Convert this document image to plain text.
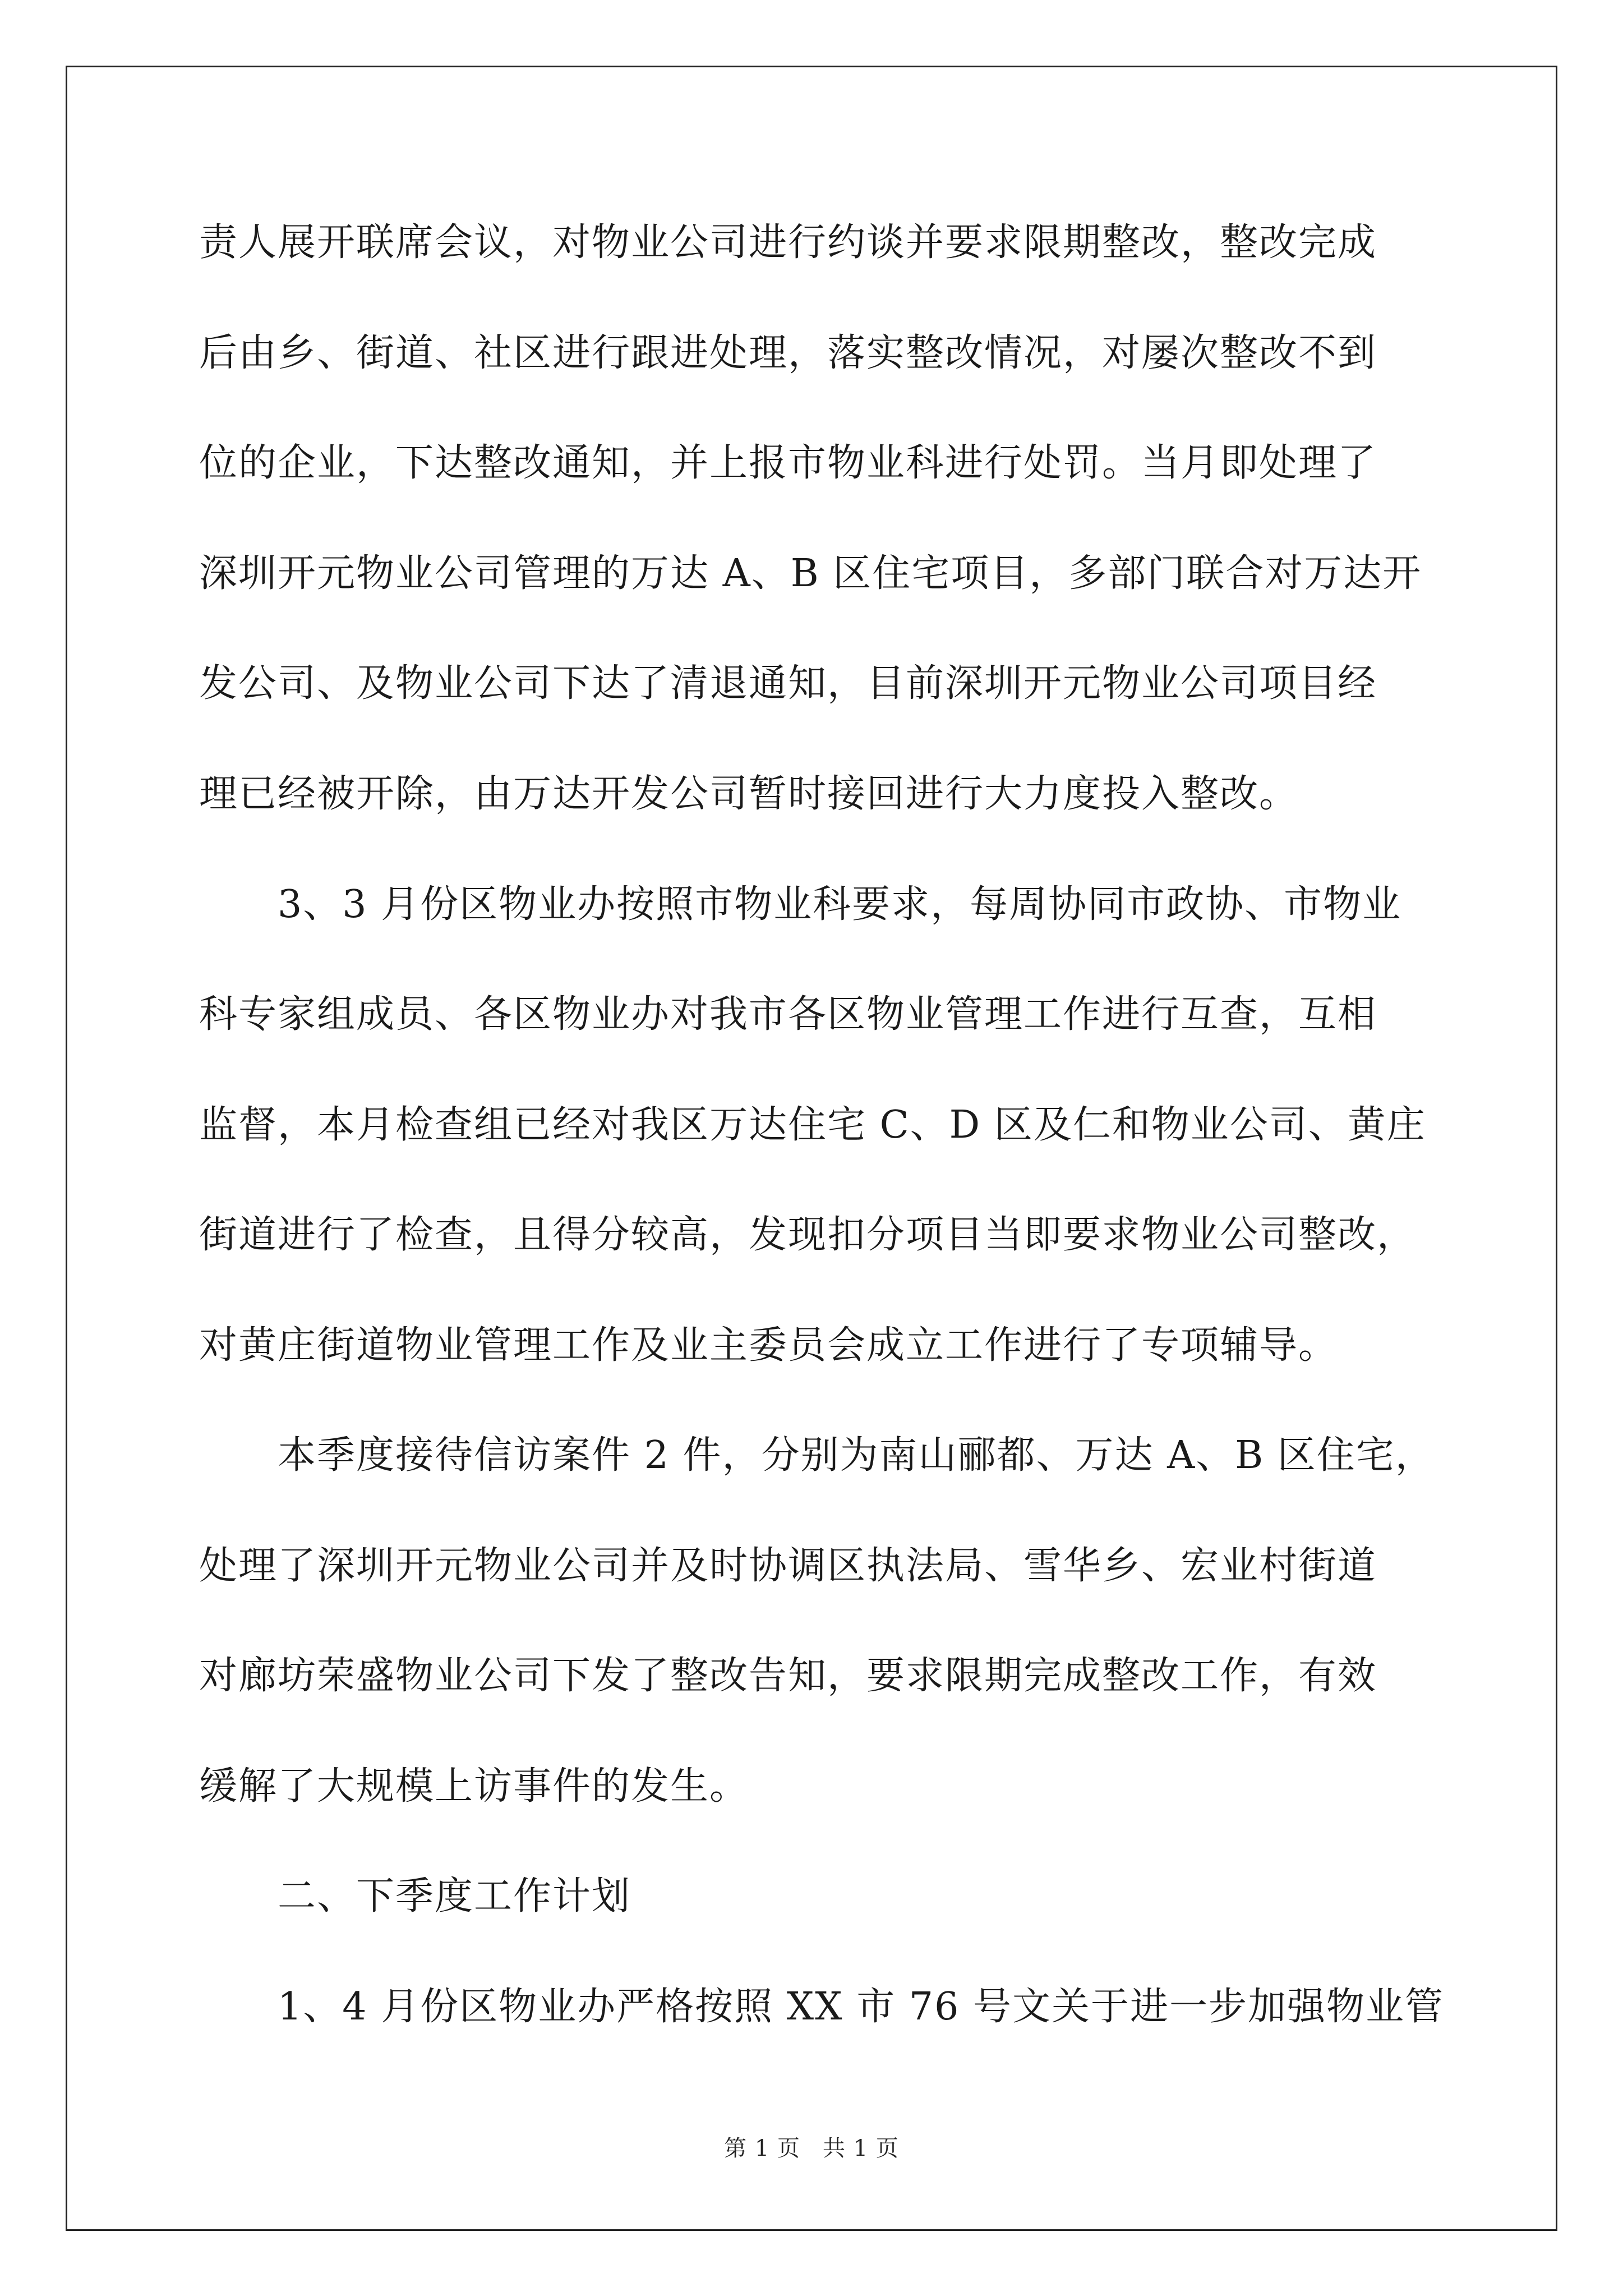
责人展开联席会议，对物业公司进行约谈并要求限期整改，整改完成
后由乡、街道、社区进行跟进处理，落实整改情况，对屡次整改不到
位的企业，下达整改通知，并上报市物业科进行处罚。当月即处理了
深圳开元物业公司管理的万达 A、B 区住宅项目，多部门联合对万达开
发公司、及物业公司下达了清退通知，目前深圳开元物业公司项目经
理已经被开除，由万达开发公司暂时接回进行大力度投入整改。
3、3 月份区物业办按照市物业科要求，每周协同市政协、市物业
科专家组成员、各区物业办对我市各区物业管理工作进行互查，互相
监督，本月检查组已经对我区万达住宅 C、D 区及仁和物业公司、黄庄
街道进行了检查，且得分较高，发现扣分项目当即要求物业公司整改，
对黄庄街道物业管理工作及业主委员会成立工作进行了专项辅导。
本季度接待信访案件 2 件，分别为南山郦都、万达 A、B 区住宅，
处理了深圳开元物业公司并及时协调区执法局、雪华乡、宏业村街道
对廊坊荣盛物业公司下发了整改告知，要求限期完成整改工作，有效
缓解了大规模上访事件的发生。
二、下季度工作计划
1、4 月份区物业办严格按照 XX 市 76 号文关于进一步加强物业管
第 1 页 共 1 页
